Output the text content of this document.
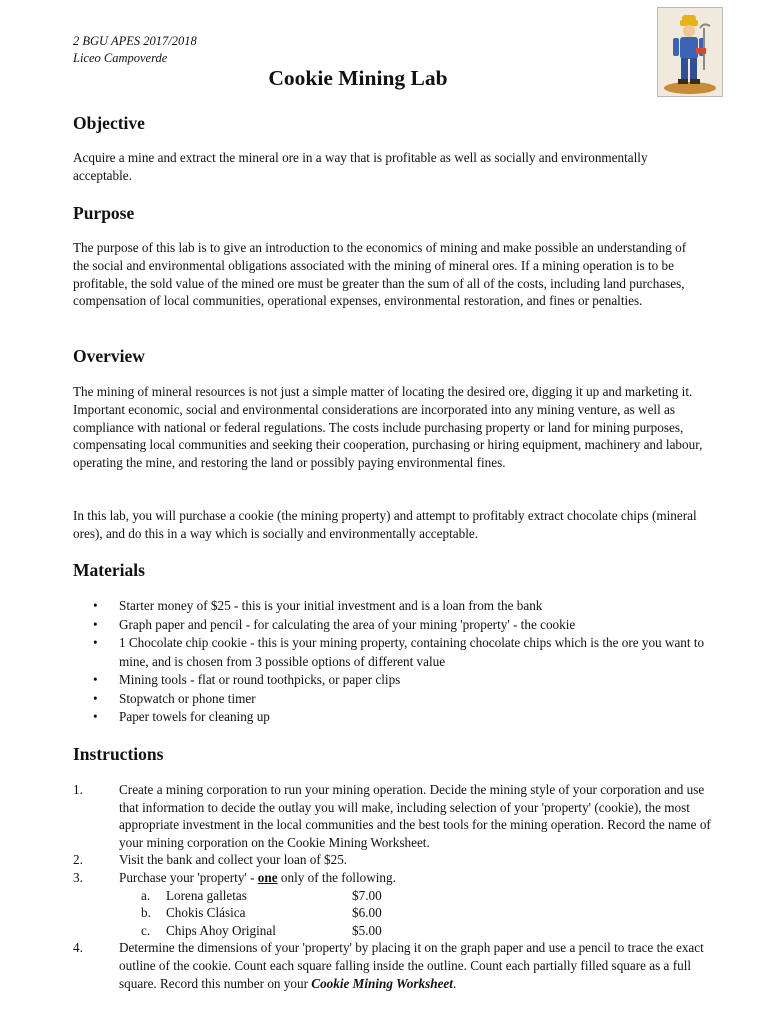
2 BGU APES 2017/2018
Liceo Campoverde
Cookie Mining Lab
Objective

Acquire a mine and extract the mineral ore in a way that is profitable as well as socially and environmentally acceptable.

Purpose

The purpose of this lab is to give an introduction to the economics of mining and make possible an understanding of the social and environmental obligations associated with the mining of mineral ores. If a mining operation is to be profitable, the sold value of the mined ore must be greater than the sum of all of the costs, including land purchases, compensation of local communities, operational expenses, environmental restoration, and fines or penalties.

Overview

The mining of mineral resources is not just a simple matter of locating the desired ore, digging it up and marketing it. Important economic, social and environmental considerations are incorporated into any mining venture, as well as compliance with national or federal regulations. The costs include purchasing property or land for mining purposes, compensating local communities and seeking their cooperation, purchasing or hiring equipment, machinery and labour, operating the mine, and restoring the land or possibly paying environmental fines.

In this lab, you will purchase a cookie (the mining property) and attempt to profitably extract chocolate chips (mineral ores), and do this in a way which is socially and environmentally acceptable.

Materials
• Starter money of $25 - this is your initial investment and is a loan from the bank
• Graph paper and pencil - for calculating the area of your mining 'property' - the cookie
• 1 Chocolate chip cookie - this is your mining property, containing chocolate chips which is the ore you want to mine, and is chosen from 3 possible options of different value
• Mining tools - flat or round toothpicks, or paper clips
• Stopwatch or phone timer
• Paper towels for cleaning up
Instructions
1.	Create a mining corporation to run your mining operation. Decide the mining style of your corporation and use that information to decide the outlay you will make, including selection of your 'property' (cookie), the most appropriate investment in the local communities and the best tools for the mining operation. Record the name of your mining corporation on the Cookie Mining Worksheet.
2.	Visit the bank and collect your loan of $25.
3.	Purchase your 'property' - one only of the following.
a. Lorena galletas	$7.00
b. Chokis Clásica	$6.00
c. Chips Ahoy Original	$5.00
4.	Determine the dimensions of your 'property' by placing it on the graph paper and use a pencil to trace the exact outline of the cookie. Count each square falling inside the outline. Count each partially filled square as a full square. Record this number on your Cookie Mining Worksheet.
